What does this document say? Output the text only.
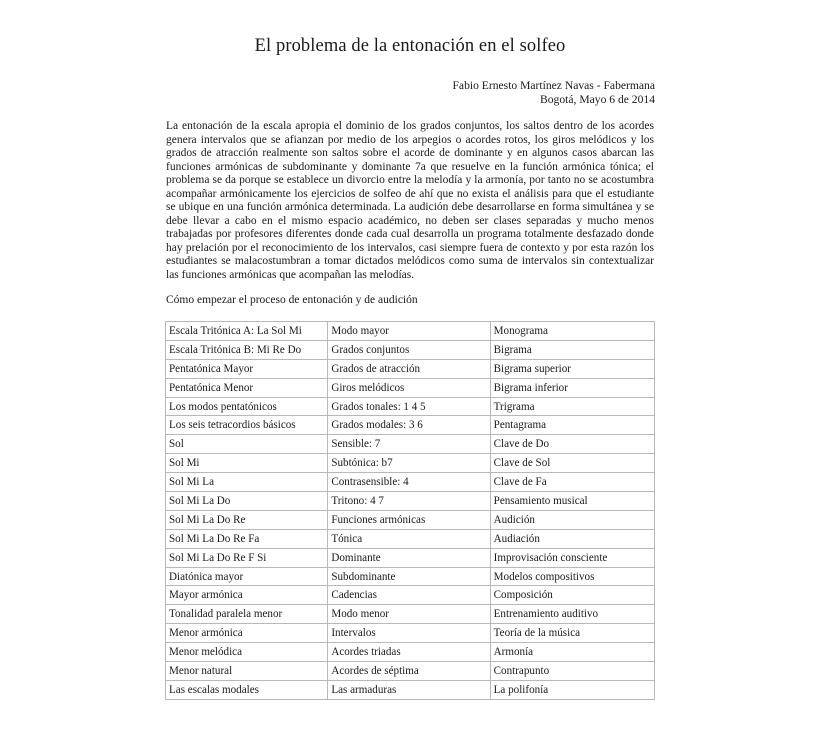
El problema de la entonación en el solfeo
Fabio Ernesto Martínez Navas - Fabermana
Bogotá, Mayo 6 de 2014
La entonación de la escala apropia el dominio de los grados conjuntos, los saltos dentro de los acordes genera intervalos que se afianzan por medio de los arpegios o acordes rotos, los giros melódicos y los grados de atracción realmente son saltos sobre el acorde de dominante y en algunos casos abarcan las funciones armónicas de subdominante y dominante 7a que resuelve en la función armónica tónica; el problema se da porque se establece un divorcio entre la melodía y la armonía, por tanto no se acostumbra acompañar armónicamente los ejercicios de solfeo de ahí que no exista el análisis para que el estudiante se ubique en una función armónica determinada. La audición debe desarrollarse en forma simultánea y se debe llevar a cabo en el mismo espacio académico, no deben ser clases separadas y mucho menos trabajadas por profesores diferentes donde cada cual desarrolla un programa totalmente desfazado donde hay prelación por el reconocimiento de los intervalos, casi siempre fuera de contexto y por esta razón los estudiantes se malacostumbran a tomar dictados melódicos como suma de intervalos sin contextualizar las funciones armónicas que acompañan las melodías.
Cómo empezar el proceso de entonación y de audición
Escala Tritónica A: La Sol Mi	Modo mayor	Monograma
Escala Tritónica B: Mi Re Do	Grados conjuntos	Bigrama
Pentatónica Mayor	Grados de atracción	Bigrama superior
Pentatónica Menor	Giros melódicos	Bigrama inferior
Los modos pentatónicos	Grados tonales: 1 4 5	Trigrama
Los seis tetracordios básicos	Grados modales: 3 6	Pentagrama
Sol	Sensible: 7	Clave de Do
Sol Mi	Subtónica: b7	Clave de Sol
Sol Mi La	Contrasensible: 4	Clave de Fa
Sol Mi La Do	Tritono: 4 7	Pensamiento musical
Sol Mi La Do Re	Funciones armónicas	Audición
Sol Mi La Do Re Fa	Tónica	Audiación
Sol Mi La Do Re F Si	Dominante	Improvisación consciente
Diatónica mayor	Subdominante	Modelos compositivos
Mayor armónica	Cadencias	Composición
Tonalidad paralela menor	Modo menor	Entrenamiento auditivo
Menor armónica	Intervalos	Teoría de la música
Menor melódica	Acordes triadas	Armonía
Menor natural	Acordes de séptima	Contrapunto
Las escalas modales	Las armaduras	La polifonía
